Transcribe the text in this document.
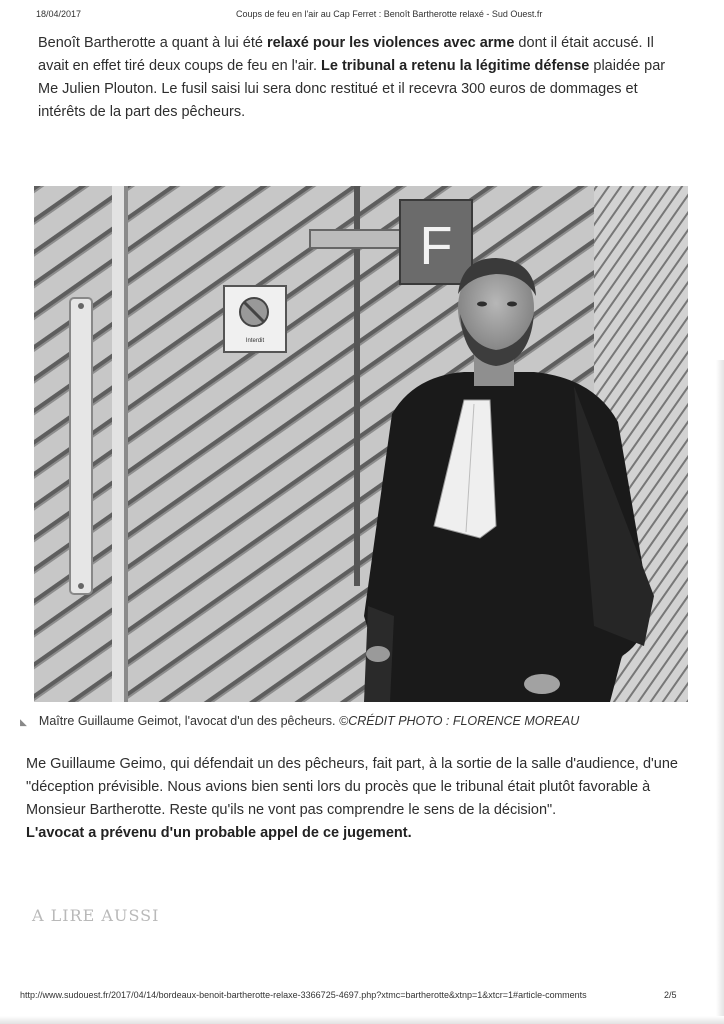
18/04/2017	Coups de feu en l'air au Cap Ferret : Benoît Bartherotte relaxé - Sud Ouest.fr
Benoît Bartherotte a quant à lui été relaxé pour les violences avec arme dont il était accusé. Il avait en effet tiré deux coups de feu en l'air. Le tribunal a retenu la légitime défense plaidée par Me Julien Plouton. Le fusil saisi lui sera donc restitué et il recevra 300 euros de dommages et intérêts de la part des pêcheurs.
F
Interdit
◣ Maître Guillaume Geimot, l'avocat d'un des pêcheurs. ©CRÉDIT PHOTO : FLORENCE MOREAU
Me Guillaume Geimo, qui défendait un des pêcheurs, fait part, à la sortie de la salle d'audience, d'une "déception prévisible. Nous avions bien senti lors du procès que le tribunal était plutôt favorable à Monsieur Bartherotte. Reste qu'ils ne vont pas comprendre le sens de la décision".
L'avocat a prévenu d'un probable appel de ce jugement.
A LIRE AUSSI
http://www.sudouest.fr/2017/04/14/bordeaux-benoit-bartherotte-relaxe-3366725-4697.php?xtmc=bartherotte&xtnp=1&xtcr=1#article-comments	2/5
